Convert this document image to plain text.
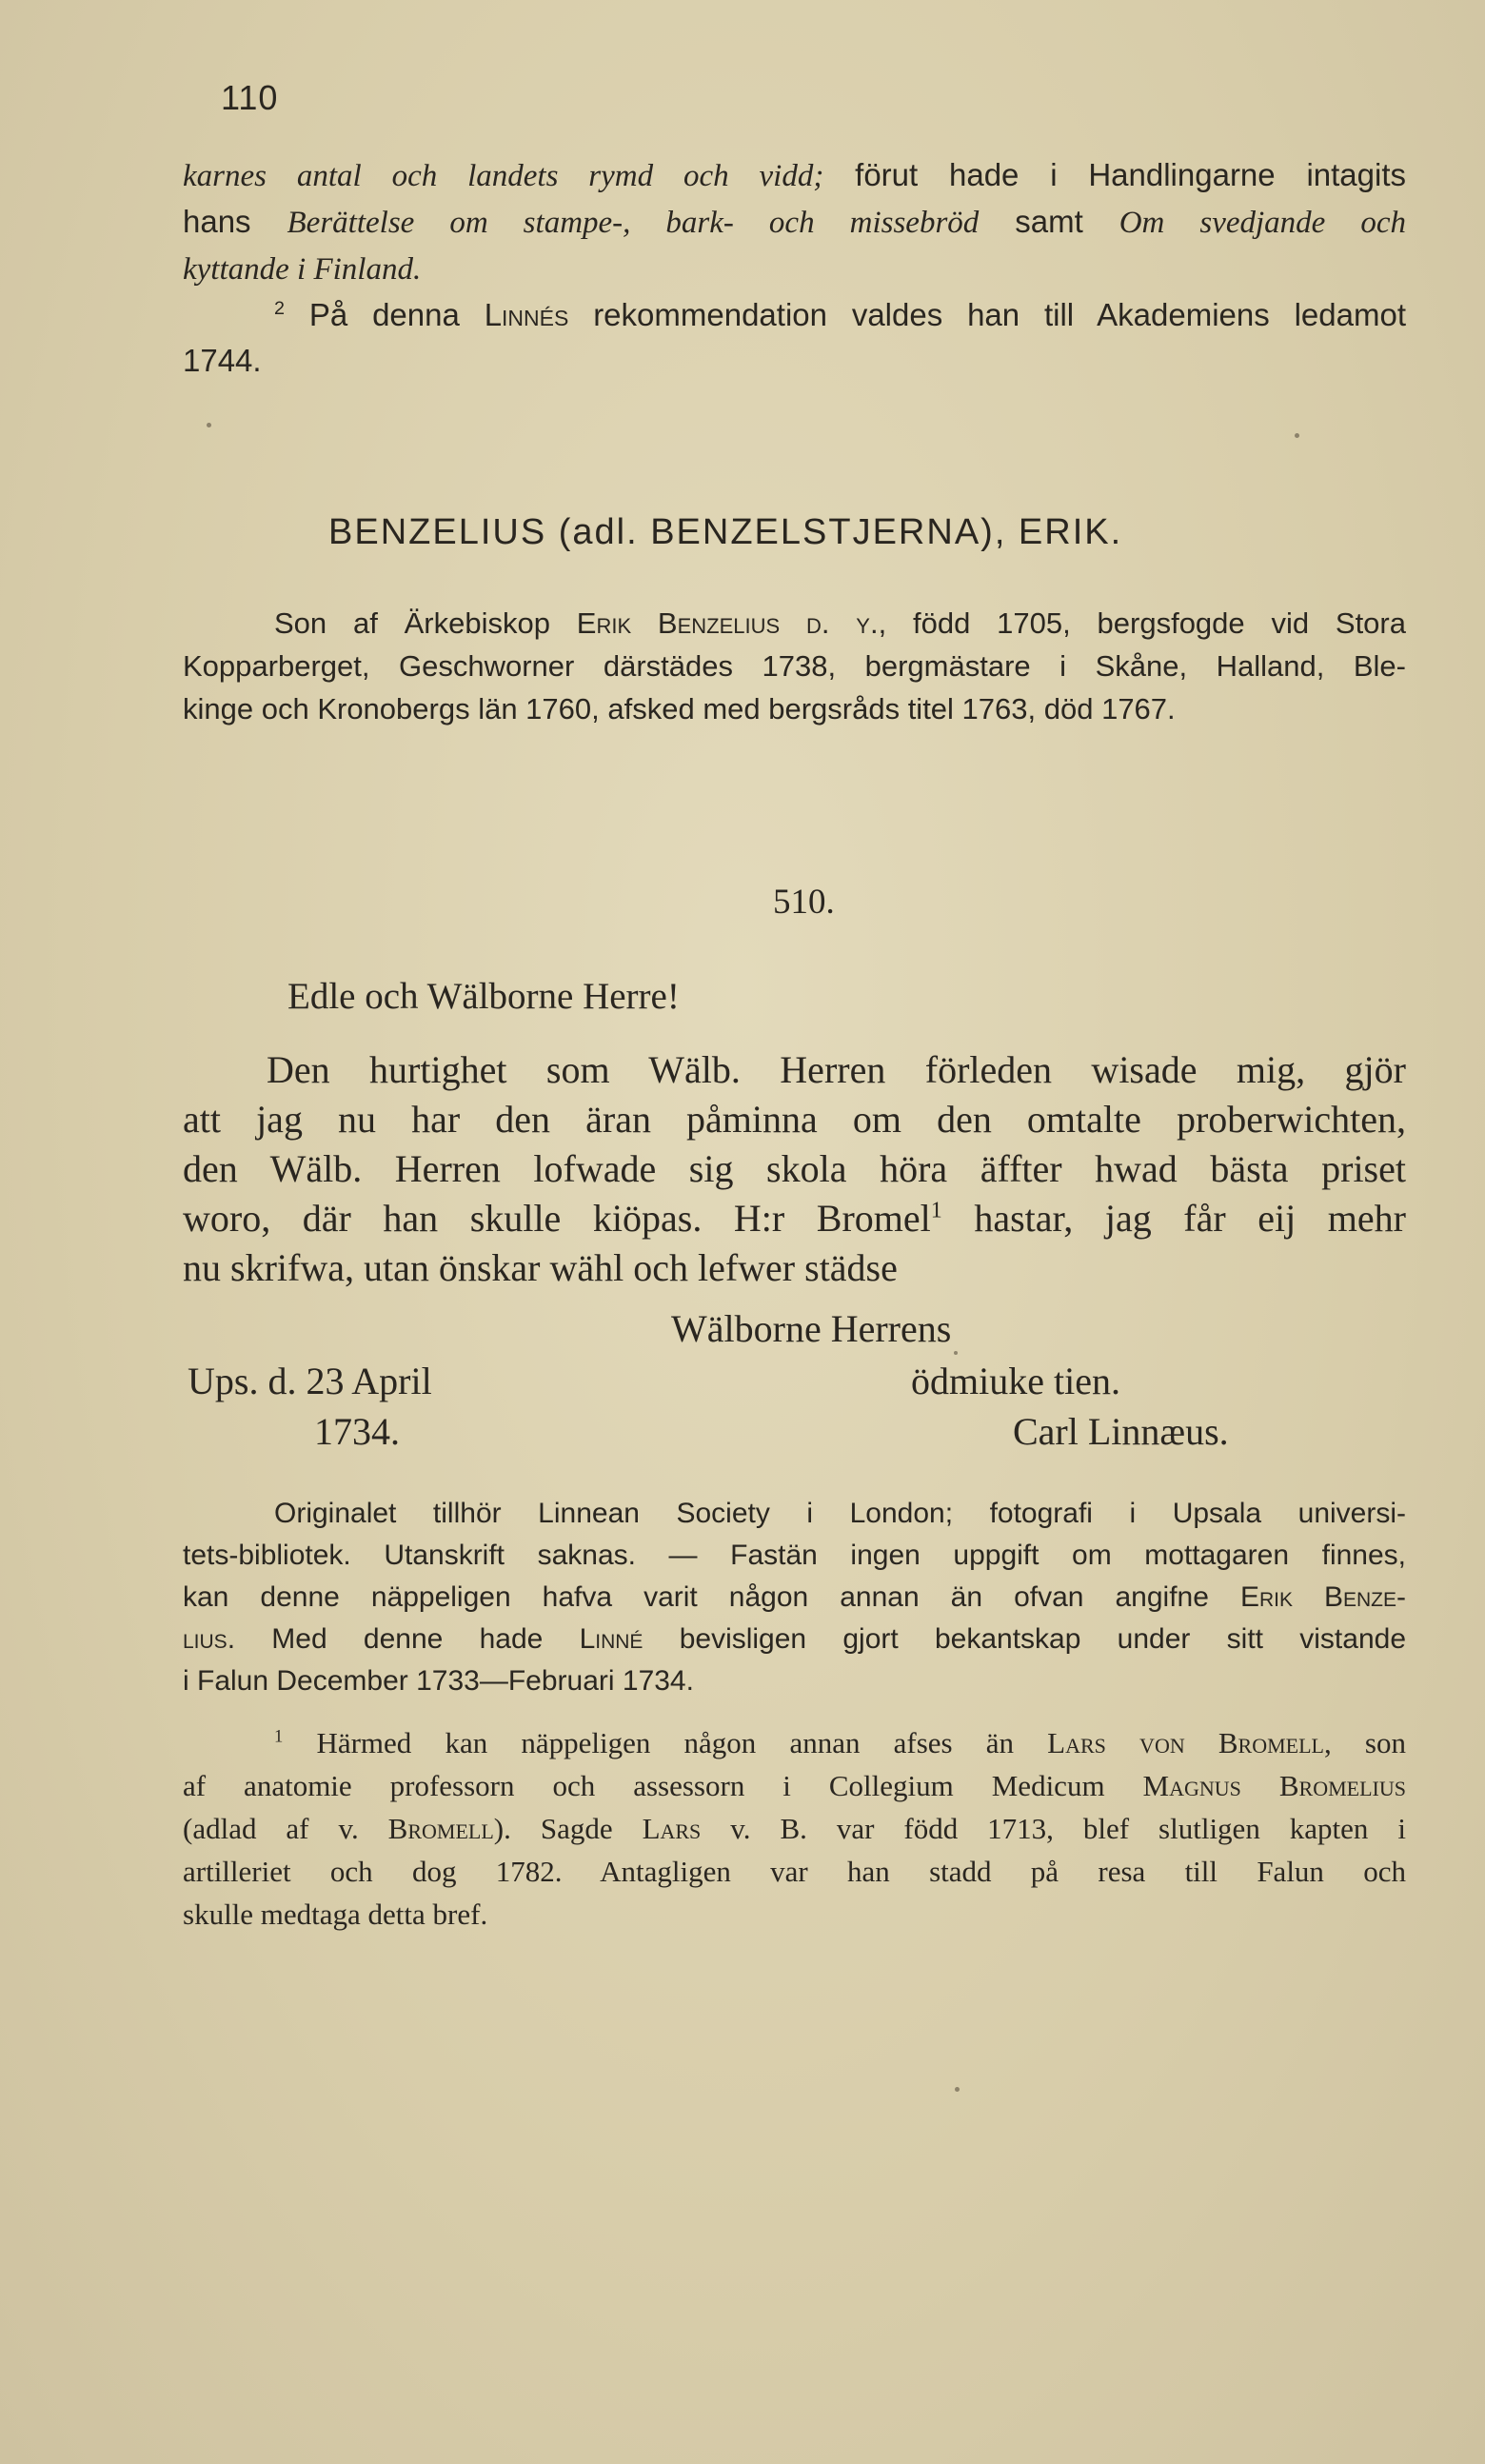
110
karnes antal och landets rymd och vidd; förut hade i Handlingarne intagits
hans Berättelse om stampe-, bark- och missebröd samt Om svedjande och
kyttande i Finland.
$^2$ På denna Linnés rekommendation valdes han till Akademiens ledamot
1744.
BENZELIUS (adl. BENZELSTJERNA), ERIK.
Son af Ärkebiskop Erik Benzelius d. y., född 1705, bergsfogde vid Stora
Kopparberget, Geschworner därstädes 1738, bergmästare i Skåne, Halland, Ble-
kinge och Kronobergs län 1760, afsked med bergsråds titel 1763, död 1767.
510.
Edle och Wälborne Herre!
Den hurtighet som Wälb. Herren förleden wisade mig, gjör
att jag nu har den äran påminna om den omtalte proberwichten,
den Wälb. Herren lofwade sig skola höra äffter hwad bästa priset
woro, där han skulle kiöpas. H:r Bromel$^1$ hastar, jag får eij mehr
nu skrifwa, utan önskar wähl och lefwer städse
Wälborne Herrens
Ups. d. 23 April	ödmiuke tien.
1734.	Carl Linnæus.
Originalet tillhör Linnean Society i London; fotografi i Upsala universi-
tets-bibliotek. Utanskrift saknas. — Fastän ingen uppgift om mottagaren finnes,
kan denne näppeligen hafva varit någon annan än ofvan angifne Erik Benze-
lius. Med denne hade Linné bevisligen gjort bekantskap under sitt vistande
i Falun December 1733—Februari 1734.
$^1$ Härmed kan näppeligen någon annan afses än Lars von Bromell, son
af anatomie professorn och assessorn i Collegium Medicum Magnus Bromelius
(adlad af v. Bromell). Sagde Lars v. B. var född 1713, blef slutligen kapten i
artilleriet och dog 1782. Antagligen var han stadd på resa till Falun och
skulle medtaga detta bref.
